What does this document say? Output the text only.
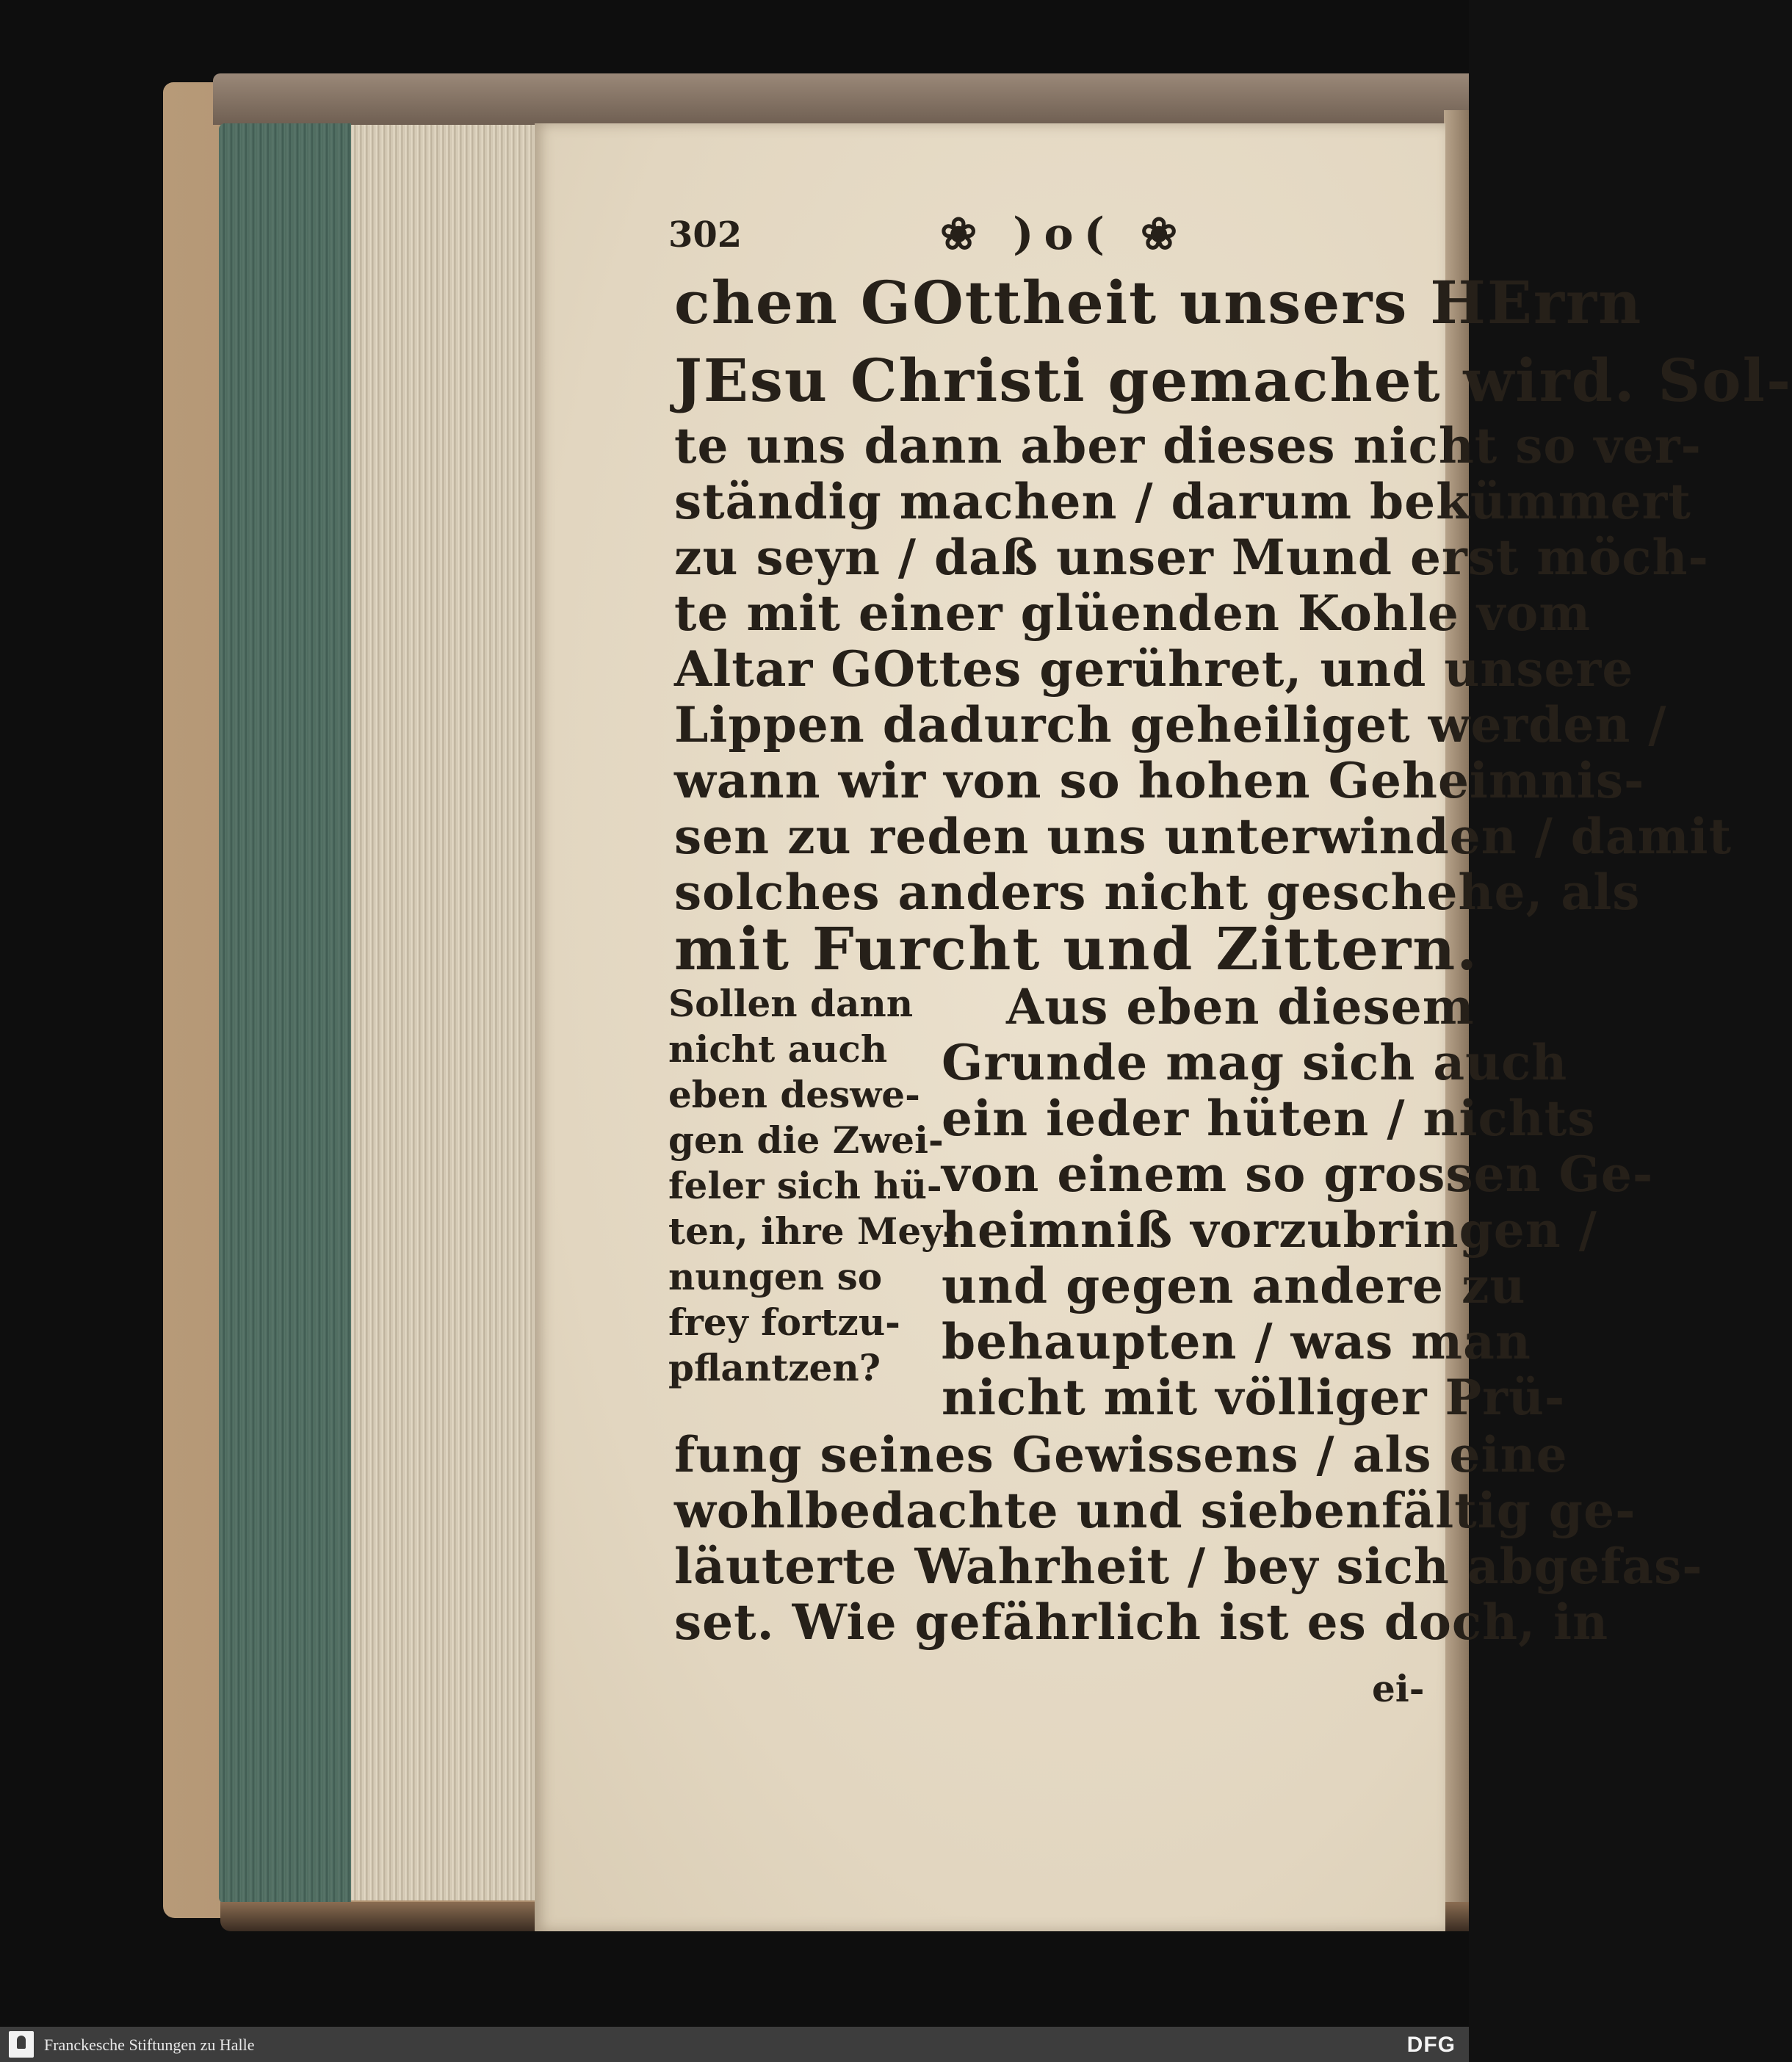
302	❀ )o( ❀
chen GOttheit unsers HErrn
JEsu Christi gemachet wird. Sol-
te uns dann aber dieses nicht so ver-
ständig machen / darum bekümmert
zu seyn / daß unser Mund erst möch-
te mit einer glüenden Kohle vom
Altar GOttes gerühret, und unsere
Lippen dadurch geheiliget werden /
wann wir von so hohen Geheimnis-
sen zu reden uns unterwinden / damit
solches anders nicht geschehe, als
mit Furcht und Zittern.
Sollen dann
nicht auch
eben deswe-
gen die Zwei-
feler sich hü-
ten, ihre Mey-
nungen so
frey fortzu-
pflantzen?
Aus eben diesem
Grunde mag sich auch
ein ieder hüten / nichts
von einem so grossen Ge-
heimniß vorzubringen /
und gegen andere zu
behaupten / was man
nicht mit völliger Prü-
fung seines Gewissens / als eine
wohlbedachte und siebenfältig ge-
läuterte Wahrheit / bey sich abgefas-
set. Wie gefährlich ist es doch, in
ei-
Franckesche Stiftungen zu Halle	DFG
